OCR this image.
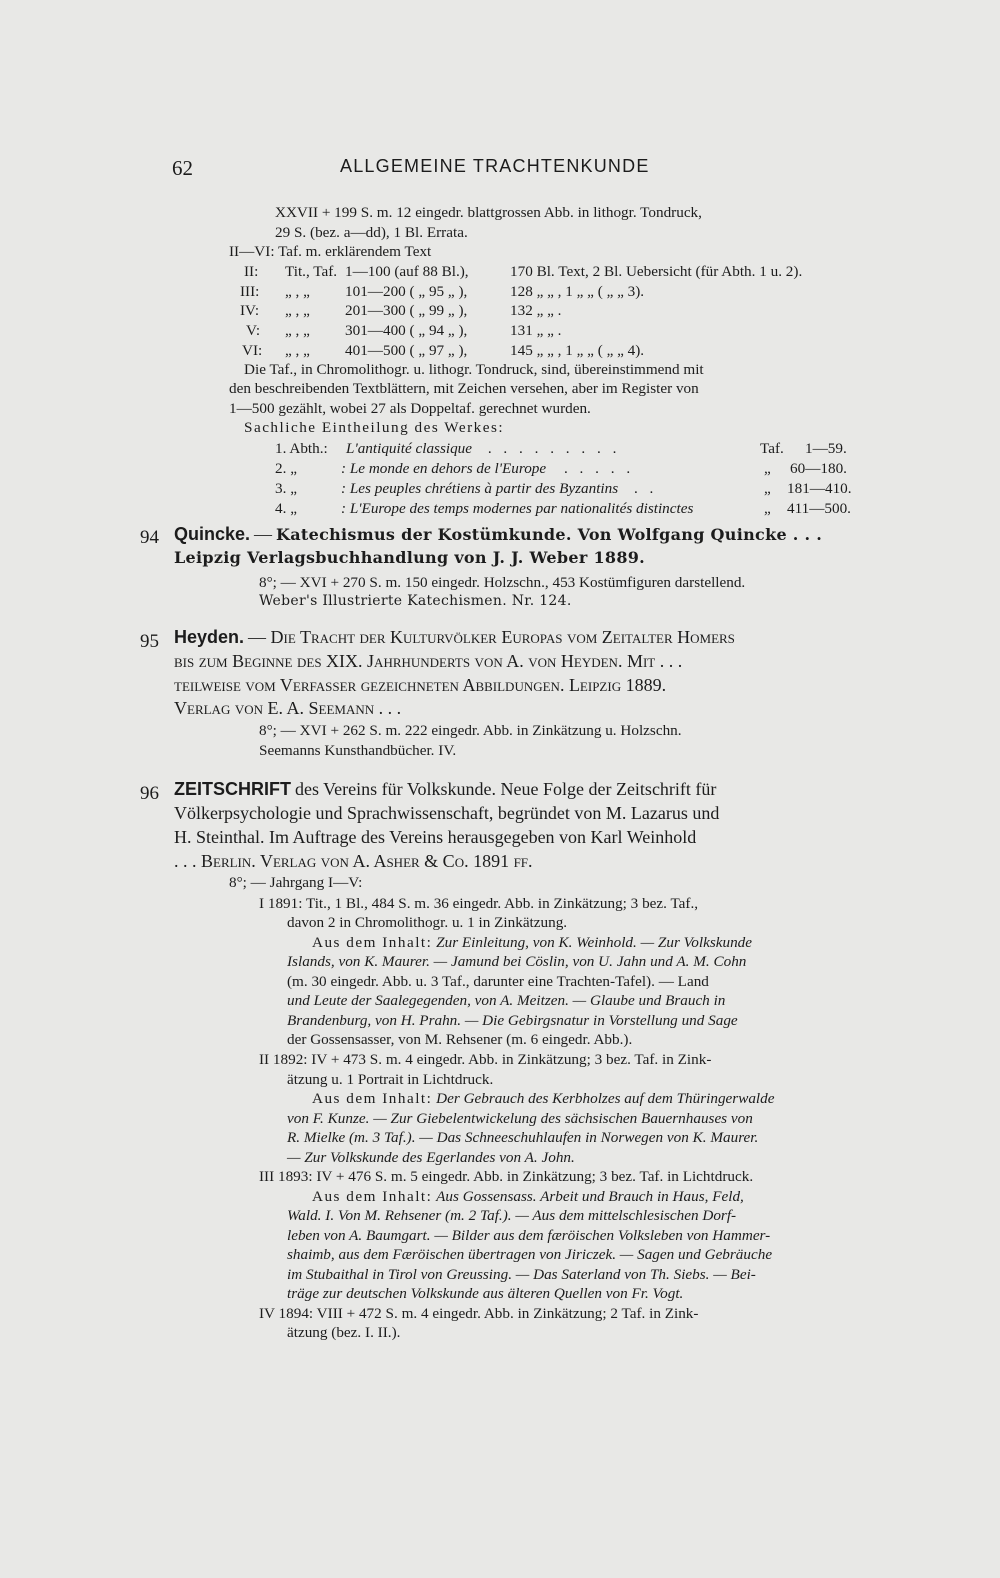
62	ALLGEMEINE TRACHTENKUNDE
XXVII + 199 S. m. 12 eingedr. blattgrossen Abb. in lithogr. Tondruck,
29 S. (bez. a—dd), 1 Bl. Errata.
II—VI: Taf. m. erklärendem Text
II: Tit., Taf. 1—100 (auf 88 Bl.),	170 Bl. Text, 2 Bl. Uebersicht (für Abth. 1 u. 2).
III: „ , „ 101—200 ( „ 95 „ ),	128 „ „ , 1 „ „ ( „ „ 3).
IV: „ , „ 201—300 ( „ 99 „ ),	132 „ „ .
V: „ , „ 301—400 ( „ 94 „ ),	131 „ „ .
VI: „ , „ 401—500 ( „ 97 „ ),	145 „ „ , 1 „ „ ( „ „ 4).
Die Taf., in Chromolithogr. u. lithogr. Tondruck, sind, übereinstimmend mit
den beschreibenden Textblättern, mit Zeichen versehen, aber im Register von
1—500 gezählt, wobei 27 als Doppeltaf. gerechnet wurden.
Sachliche Eintheilung des Werkes:
1. Abth.: L'antiquité classique . . . . . . . . .	Taf. 1—59.
2. „	: Le monde en dehors de l'Europe . . . . .	„ 60—180.
3. „	: Les peuples chrétiens à partir des Byzantins . .	„ 181—410.
4. „	: L'Europe des temps modernes par nationalités distinctes	„ 411—500.
94 Quincke. — Katechismus der Kostümkunde. Von Wolfgang Quincke . . .
Leipzig Verlagsbuchhandlung von J. J. Weber 1889.
8°; — XVI + 270 S. m. 150 eingedr. Holzschn., 453 Kostümfiguren darstellend.
Weber's Illustrierte Katechismen. Nr. 124.
95 Heyden. — Die Tracht der Kulturvölker Europas vom Zeitalter Homers
bis zum Beginne des XIX. Jahrhunderts von A. von Heyden. Mit . . .
teilweise vom Verfasser gezeichneten Abbildungen. Leipzig 1889.
Verlag von E. A. Seemann . . .
8°; — XVI + 262 S. m. 222 eingedr. Abb. in Zinkätzung u. Holzschn.
Seemanns Kunsthandbücher. IV.
96 ZEITSCHRIFT des Vereins für Volkskunde. Neue Folge der Zeitschrift für
Völkerpsychologie und Sprachwissenschaft, begründet von M. Lazarus und
H. Steinthal. Im Auftrage des Vereins herausgegeben von Karl Weinhold
. . . Berlin. Verlag von A. Asher & Co. 1891 ff.
8°; — Jahrgang I—V:
I 1891: Tit., 1 Bl., 484 S. m. 36 eingedr. Abb. in Zinkätzung; 3 bez. Taf.,
davon 2 in Chromolithogr. u. 1 in Zinkätzung.
Aus dem Inhalt: Zur Einleitung, von K. Weinhold. — Zur Volkskunde
Islands, von K. Maurer. — Jamund bei Cöslin, von U. Jahn und A. M. Cohn
(m. 30 eingedr. Abb. u. 3 Taf., darunter eine Trachten-Tafel). — Land
und Leute der Saalegegenden, von A. Meitzen. — Glaube und Brauch in
Brandenburg, von H. Prahn. — Die Gebirgsnatur in Vorstellung und Sage
der Gossensasser, von M. Rehsener (m. 6 eingedr. Abb.).
II 1892: IV + 473 S. m. 4 eingedr. Abb. in Zinkätzung; 3 bez. Taf. in Zink-
ätzung u. 1 Portrait in Lichtdruck.
Aus dem Inhalt: Der Gebrauch des Kerbholzes auf dem Thüringerwalde
von F. Kunze. — Zur Giebelentwickelung des sächsischen Bauernhauses von
R. Mielke (m. 3 Taf.). — Das Schneeschuhlaufen in Norwegen von K. Maurer.
— Zur Volkskunde des Egerlandes von A. John.
III 1893: IV + 476 S. m. 5 eingedr. Abb. in Zinkätzung; 3 bez. Taf. in Lichtdruck.
Aus dem Inhalt: Aus Gossensass. Arbeit und Brauch in Haus, Feld,
Wald. I. Von M. Rehsener (m. 2 Taf.). — Aus dem mittelschlesischen Dorf-
leben von A. Baumgart. — Bilder aus dem færöischen Volksleben von Hammer-
shaimb, aus dem Færöischen übertragen von Jiriczek. — Sagen und Gebräuche
im Stubaithal in Tirol von Greussing. — Das Saterland von Th. Siebs. — Bei-
träge zur deutschen Volkskunde aus älteren Quellen von Fr. Vogt.
IV 1894: VIII + 472 S. m. 4 eingedr. Abb. in Zinkätzung; 2 Taf. in Zink-
ätzung (bez. I. II.).
